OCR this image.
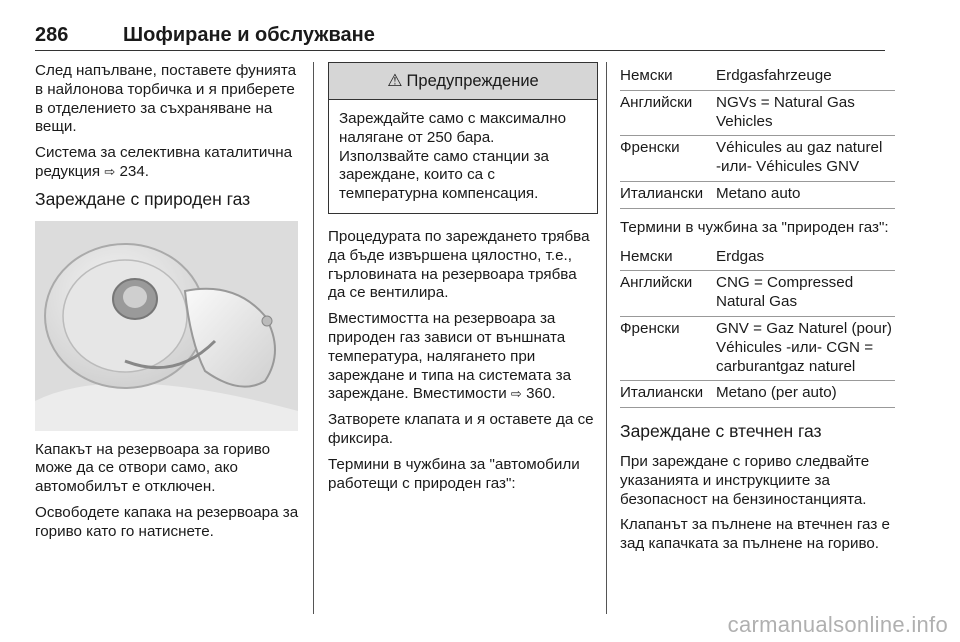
286	Шофиране и обслужване

След напълване, поставете фунията в найлонова торбичка и я приберете в отделението за съхраняване на вещи.

Система за селективна каталитична редукция ⇨ 234.

Зареждане с природен газ

Капакът на резервоара за гориво може да се отвори само, ако автомобилът е отключен.

Освободете капака на резервоара за гориво като го натиснете.

⚠ Предупреждение
Зареждайте само с максимално налягане от 250 бара. Използвайте само станции за зареждане, които са с температурна компенсация.

Процедурата по зареждането трябва да бъде извършена цялостно, т.е., гърловината на резервоара трябва да се вентилира.

Вместимостта на резервоара за природен газ зависи от външната температура, налягането при зареждане и типа на системата за зареждане. Вместимости ⇨ 360.

Затворете клапата и я оставете да се фиксира.

Термини в чужбина за "автомобили работещи с природен газ":

Немски	Erdgasfahrzeuge
Английски	NGVs = Natural Gas Vehicles
Френски	Véhicules au gaz naturel -или- Véhicules GNV
Италиански	Metano auto

Термини в чужбина за "природен газ":

Немски	Erdgas
Английски	CNG = Compressed Natural Gas
Френски	GNV = Gaz Naturel (pour) Véhicules -или- CGN = carburantgaz naturel
Италиански	Metano (per auto)
Зареждане с втечнен газ

При зареждане с гориво следвайте указанията и инструкциите за безопасност на бензиностанцията.

Клапанът за пълнене на втечнен газ е зад капачката за пълнене на гориво.

carmanualsonline.info
